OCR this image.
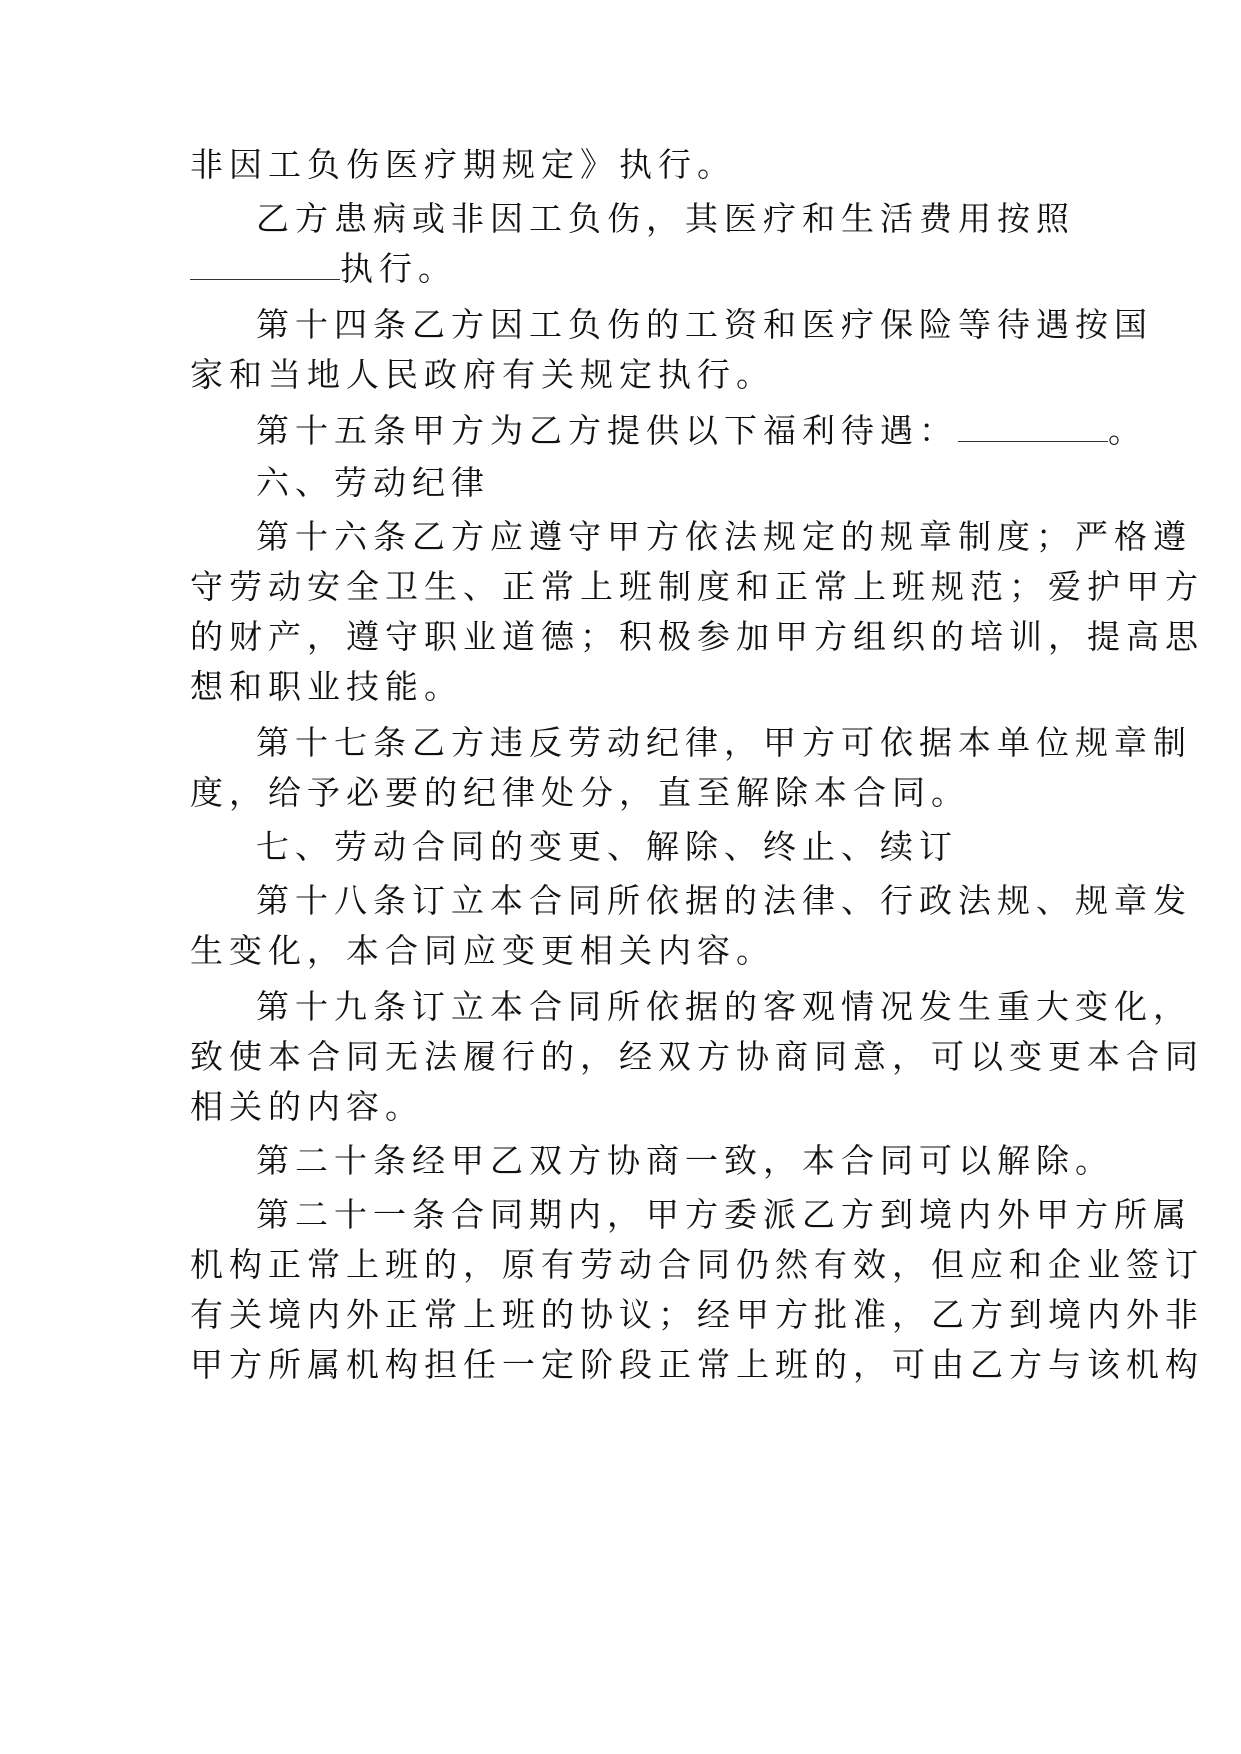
非因工负伤医疗期规定》执行。
乙方患病或非因工负伤，其医疗和生活费用按照
执行。
第十四条乙方因工负伤的工资和医疗保险等待遇按国
家和当地人民政府有关规定执行。
第十五条甲方为乙方提供以下福利待遇：	。
六、劳动纪律
第十六条乙方应遵守甲方依法规定的规章制度；严格遵
守劳动安全卫生、正常上班制度和正常上班规范；爱护甲方
的财产，遵守职业道德；积极参加甲方组织的培训，提高思
想和职业技能。
第十七条乙方违反劳动纪律，甲方可依据本单位规章制
度，给予必要的纪律处分，直至解除本合同。
七、劳动合同的变更、解除、终止、续订
第十八条订立本合同所依据的法律、行政法规、规章发
生变化，本合同应变更相关内容。
第十九条订立本合同所依据的客观情况发生重大变化，
致使本合同无法履行的，经双方协商同意，可以变更本合同
相关的内容。
第二十条经甲乙双方协商一致，本合同可以解除。
第二十一条合同期内，甲方委派乙方到境内外甲方所属
机构正常上班的，原有劳动合同仍然有效，但应和企业签订
有关境内外正常上班的协议；经甲方批准，乙方到境内外非
甲方所属机构担任一定阶段正常上班的，可由乙方与该机构
